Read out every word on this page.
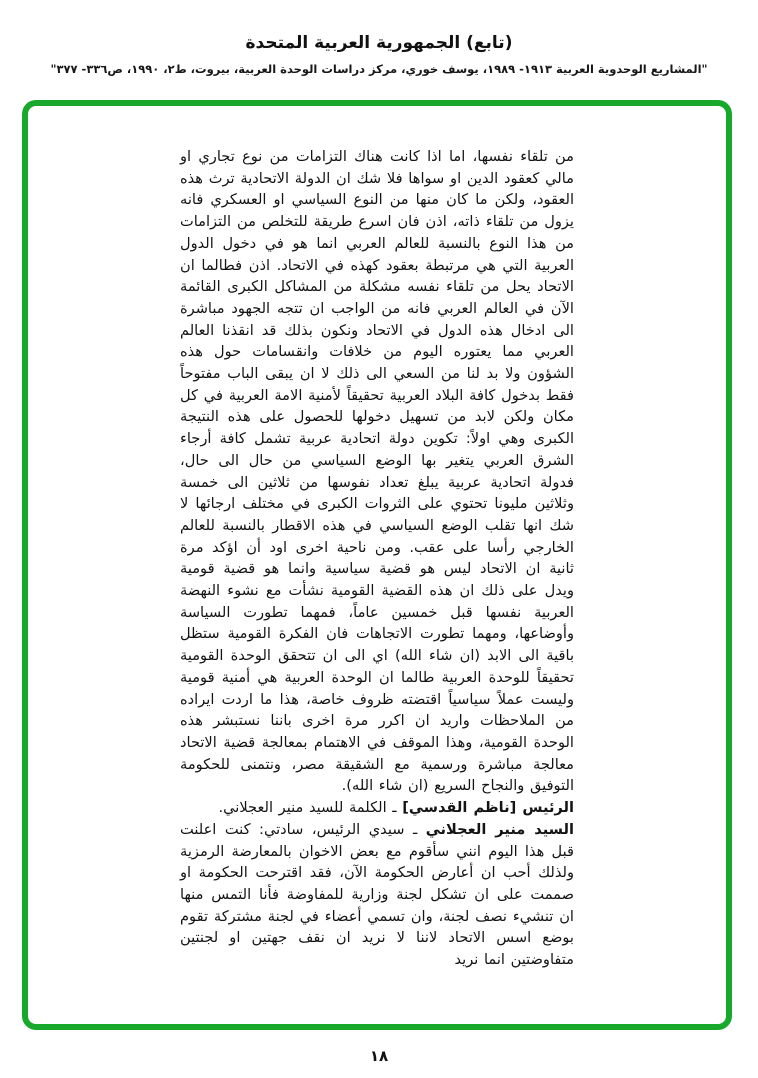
(تابع) الجمهورية العربية المتحدة
"المشاريع الوحدوية العربية ١٩١٣- ١٩٨٩، يوسف خوري، مركز دراسات الوحدة العربية، بيروت، ط٢، ١٩٩٠، ص٣٣٦- ٣٧٧"

من تلقاء نفسها، اما اذا كانت هناك التزامات من نوع تجاري او مالي كعقود الدين او سواها فلا شك ان الدولة الاتحادية ترث هذه العقود، ولكن ما كان منها من النوع السياسي او العسكري فانه يزول من تلقاء ذاته، اذن فان اسرع طريقة للتخلص من التزامات من هذا النوع بالنسبة للعالم العربي انما هو في دخول الدول العربية التي هي مرتبطة بعقود كهذه في الاتحاد. اذن فطالما ان الاتحاد يحل من تلقاء نفسه مشكلة من المشاكل الكبرى القائمة الآن في العالم العربي فانه من الواجب ان تتجه الجهود مباشرة الى ادخال هذه الدول في الاتحاد ونكون بذلك قد انقذنا العالم العربي مما يعتوره اليوم من خلافات وانقسامات حول هذه الشؤون ولا بد لنا من السعي الى ذلك لا ان يبقى الباب مفتوحاً فقط بدخول كافة البلاد العربية تحقيقاً لأمنية الامة العربية في كل مكان ولكن لابد من تسهيل دخولها للحصول على هذه النتيجة الكبرى وهي اولاً: تكوين دولة اتحادية عربية تشمل كافة أرجاء الشرق العربي يتغير بها الوضع السياسي من حال الى حال، فدولة اتحادية عربية يبلغ تعداد نفوسها من ثلاثين الى خمسة وثلاثين مليونا تحتوي على الثروات الكبرى في مختلف ارجائها لا شك انها تقلب الوضع السياسي في هذه الاقطار بالنسبة للعالم الخارجي رأسا على عقب. ومن ناحية اخرى اود أن اؤكد مرة ثانية ان الاتحاد ليس هو قضية سياسية وانما هو قضية قومية ويدل على ذلك ان هذه القضية القومية نشأت مع نشوء النهضة العربية نفسها قبل خمسين عاماً، فمهما تطورت السياسة وأوضاعها، ومهما تطورت الاتجاهات فان الفكرة القومية ستظل باقية الى الابد (ان شاء الله) اي الى ان تتحقق الوحدة القومية تحقيقاً للوحدة العربية طالما ان الوحدة العربية هي أمنية قومية وليست عملاً سياسياً اقتضته ظروف خاصة، هذا ما اردت ايراده من الملاحظات واريد ان اكرر مرة اخرى باننا نستبشر هذه الوحدة القومية، وهذا الموقف في الاهتمام بمعالجة قضية الاتحاد معالجة مباشرة ورسمية مع الشقيقة مصر، ونتمنى للحكومة التوفيق والنجاح السريع (ان شاء الله).

الرئيس [ناظم القدسي] ـ الكلمة للسيد منير العجلاني.

السيد منير العجلاني ـ سيدي الرئيس، سادتي: كنت اعلنت قبل هذا اليوم انني سأقوم مع بعض الاخوان بالمعارضة الرمزية ولذلك أحب ان أعارض الحكومة الآن، فقد اقترحت الحكومة او صممت على ان تشكل لجنة وزارية للمفاوضة فأنا التمس منها ان تنشيء نصف لجنة، وان تسمي أعضاء في لجنة مشتركة تقوم بوضع اسس الاتحاد لاننا لا نريد ان نقف جهتين او لجنتين متفاوضتين انما نريد

١٨
